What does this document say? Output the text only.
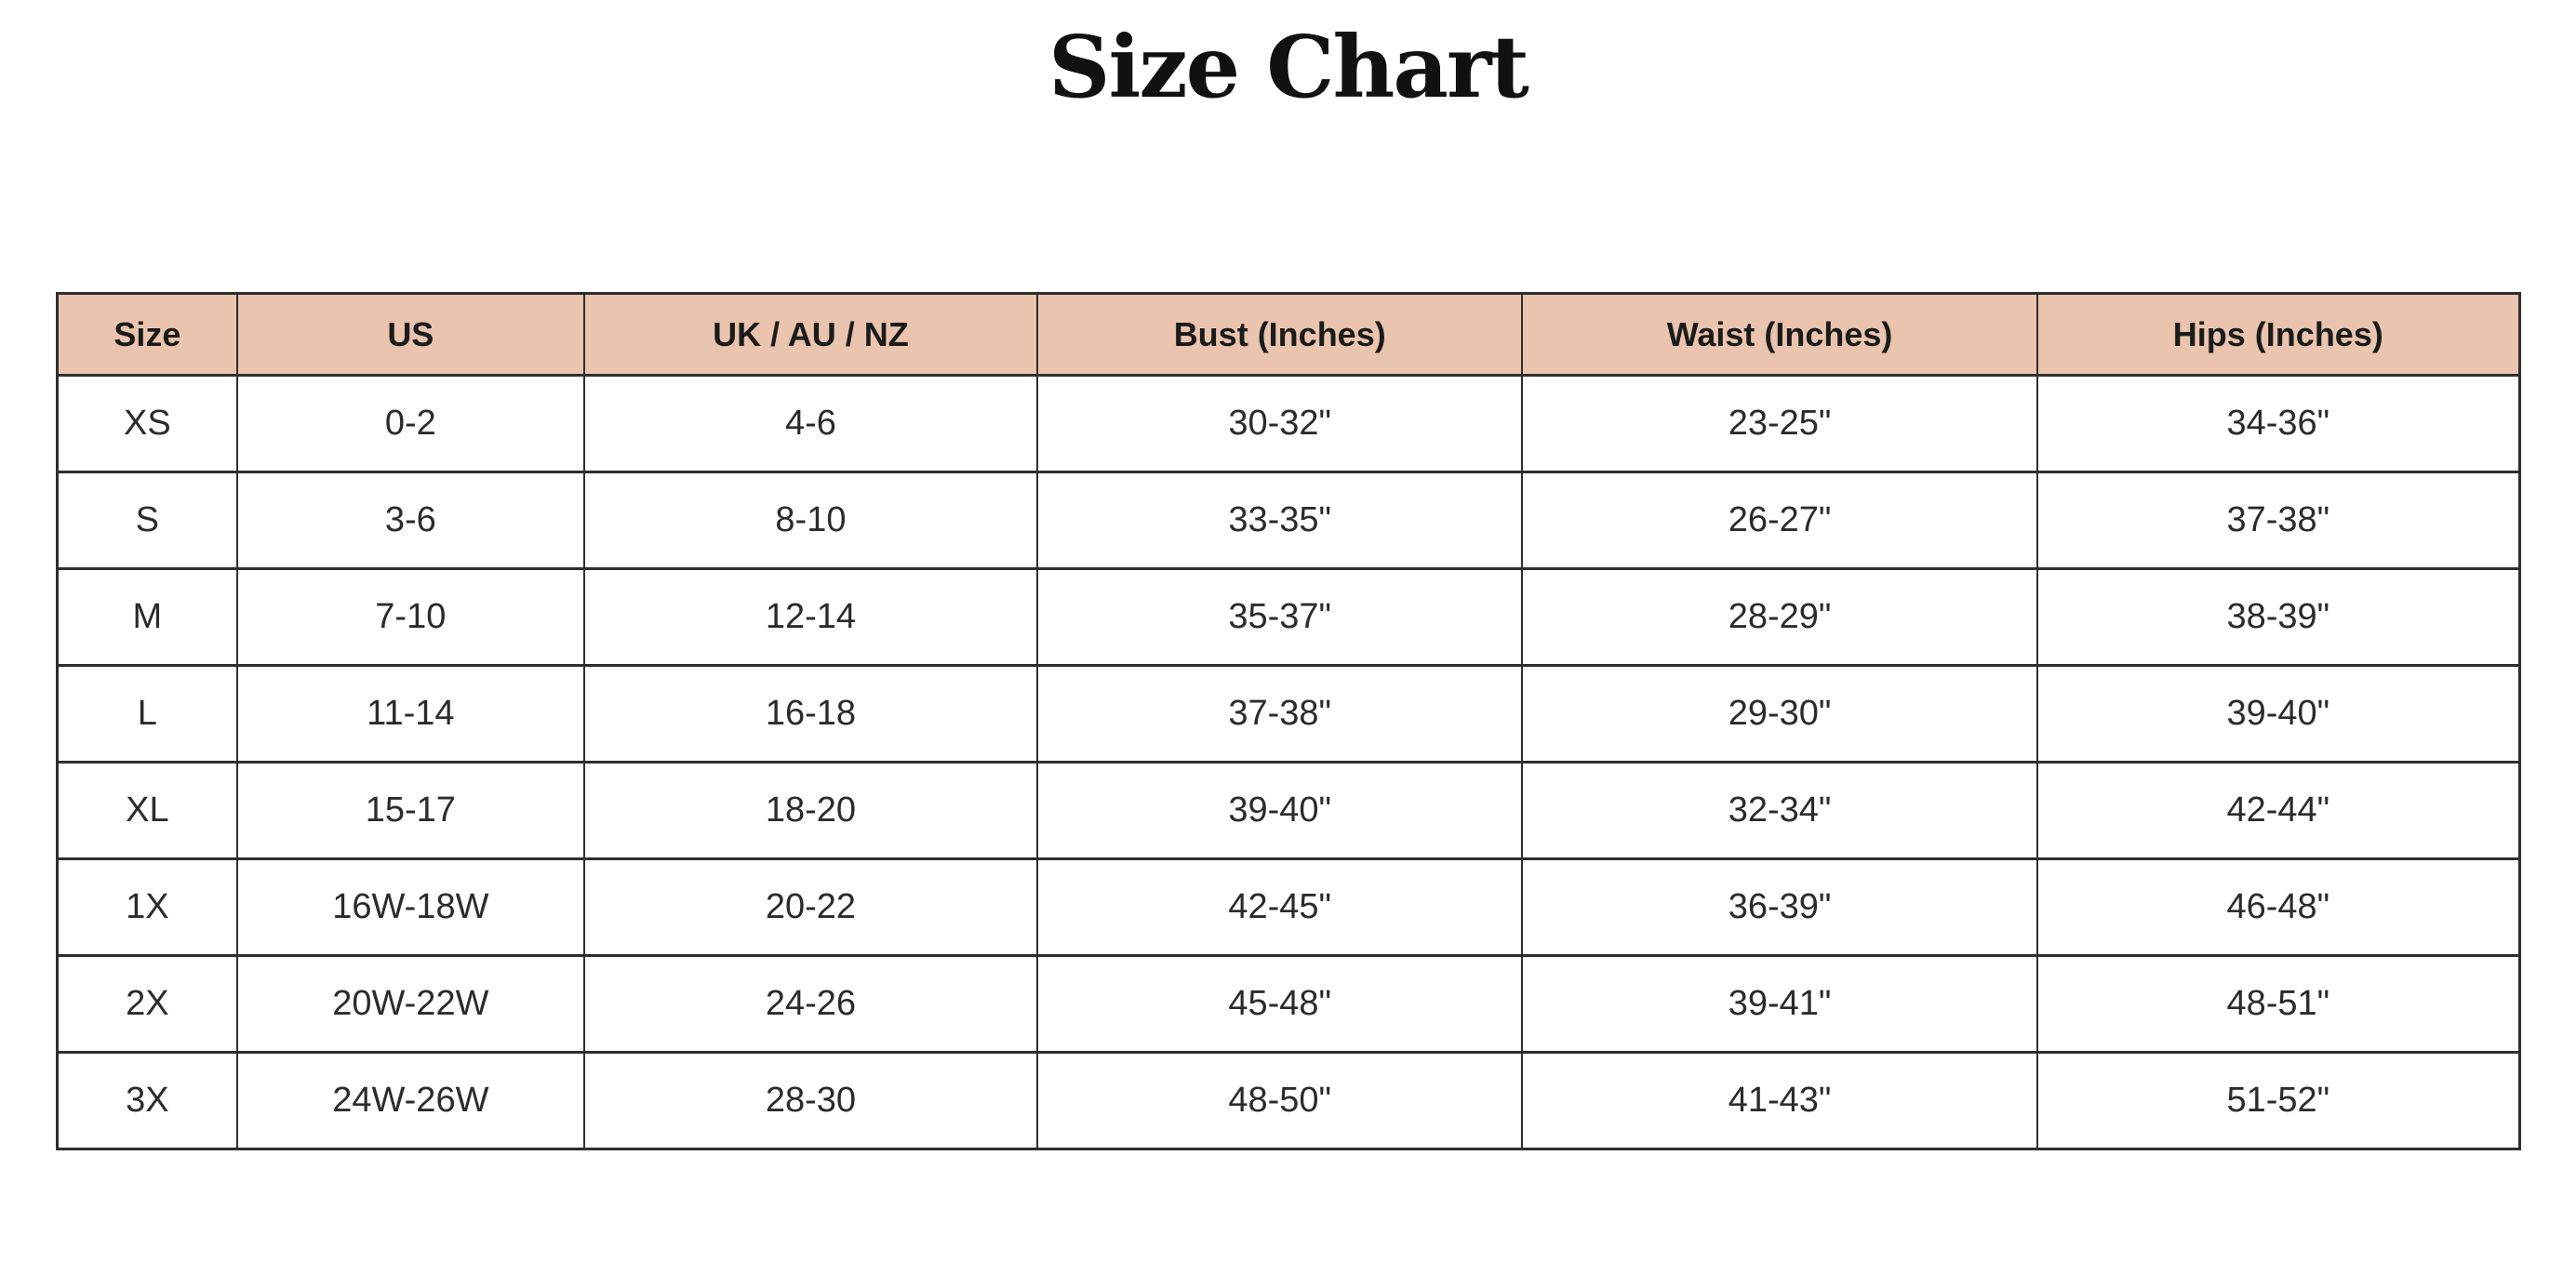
Size Chart
Size	US	UK / AU / NZ	Bust (Inches)	Waist (Inches)	Hips (Inches)
XS	0-2	4-6	30-32"	23-25"	34-36"
S	3-6	8-10	33-35"	26-27"	37-38"
M	7-10	12-14	35-37"	28-29"	38-39"
L	11-14	16-18	37-38"	29-30"	39-40"
XL	15-17	18-20	39-40"	32-34"	42-44"
1X	16W-18W	20-22	42-45"	36-39"	46-48"
2X	20W-22W	24-26	45-48"	39-41"	48-51"
3X	24W-26W	28-30	48-50"	41-43"	51-52"
